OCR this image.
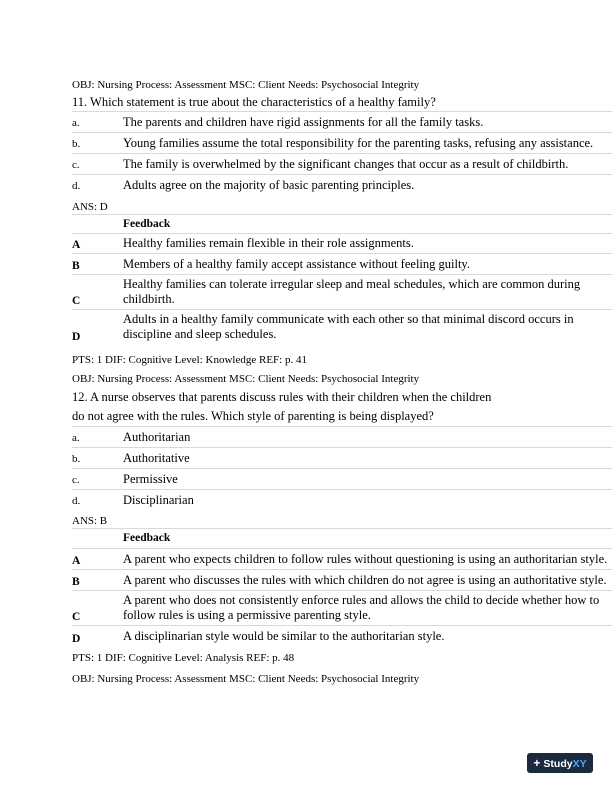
OBJ: Nursing Process: Assessment MSC: Client Needs: Psychosocial Integrity
11. Which statement is true about the characteristics of a healthy family?
a.	The parents and children have rigid assignments for all the family tasks.
b.	Young families assume the total responsibility for the parenting tasks, refusing any assistance.
c.	The family is overwhelmed by the significant changes that occur as a result of childbirth.
d.	Adults agree on the majority of basic parenting principles.
ANS: D
	Feedback
A	Healthy families remain flexible in their role assignments.
B	Members of a healthy family accept assistance without feeling guilty.
C	Healthy families can tolerate irregular sleep and meal schedules, which are common during
childbirth.

D	Adults in a healthy family communicate with each other so that minimal discord occurs in
discipline and sleep schedules.
PTS: 1 DIF: Cognitive Level: Knowledge REF: p. 41
OBJ: Nursing Process: Assessment MSC: Client Needs: Psychosocial Integrity
12. A nurse observes that parents discuss rules with their children when the children
do not agree with the rules. Which style of parenting is being displayed?
a.	Authoritarian
b.	Authoritative
c.	Permissive
d.	Disciplinarian
ANS: B
	Feedback
A	A parent who expects children to follow rules without questioning is using an authoritarian style.
B	A parent who discusses the rules with which children do not agree is using an authoritative style.
C	A parent who does not consistently enforce rules and allows the child to decide whether how to
follow rules is using a permissive parenting style.

D	A disciplinarian style would be similar to the authoritarian style.
PTS: 1 DIF: Cognitive Level: Analysis REF: p. 48
OBJ: Nursing Process: Assessment MSC: Client Needs: Psychosocial Integrity
+ StudyXY
